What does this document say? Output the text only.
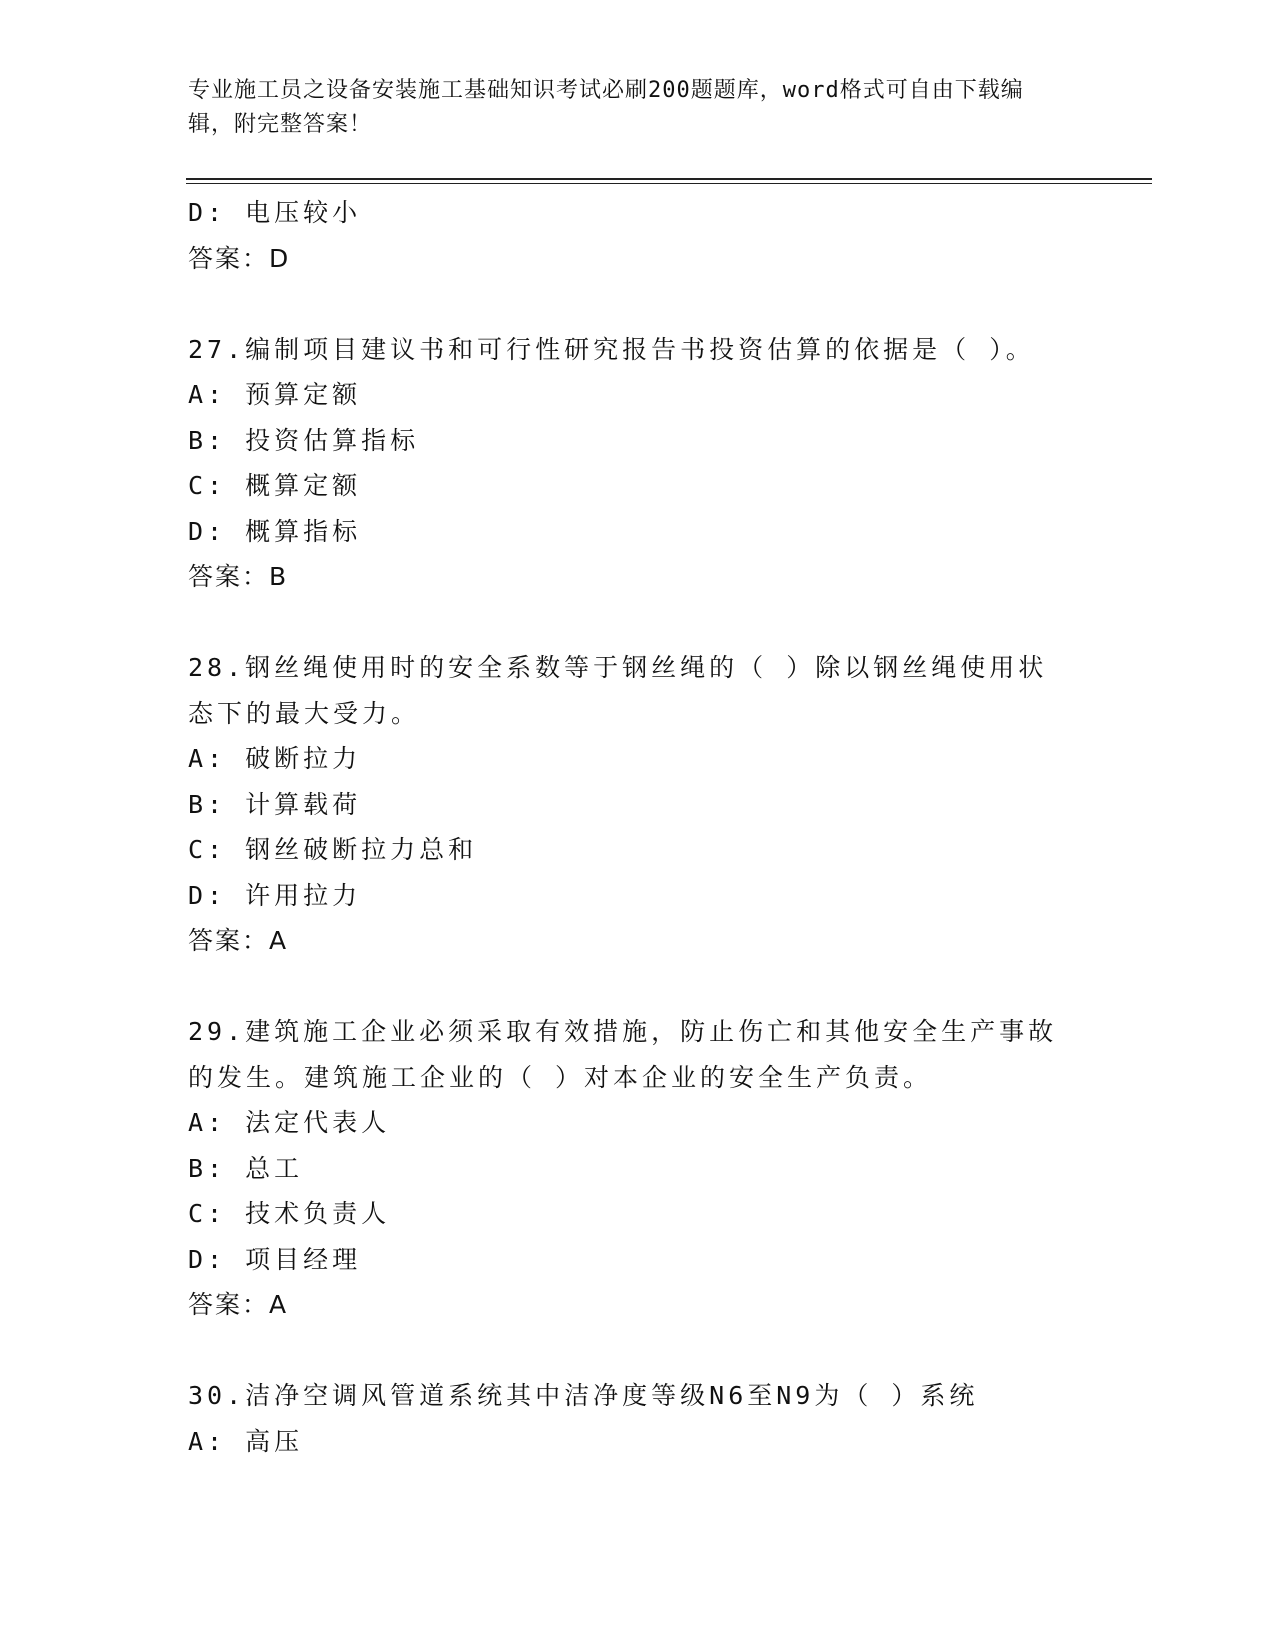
专业施工员之设备安装施工基础知识考试必刷200题题库，word格式可自由下载编辑，附完整答案！
D: 电压较小
答案：D
27.编制项目建议书和可行性研究报告书投资估算的依据是（ ）。
A: 预算定额
B: 投资估算指标
C: 概算定额
D: 概算指标
答案：B
28.钢丝绳使用时的安全系数等于钢丝绳的（ ）除以钢丝绳使用状态下的最大受力。
A: 破断拉力
B: 计算载荷
C: 钢丝破断拉力总和
D: 许用拉力
答案：A
29.建筑施工企业必须采取有效措施，防止伤亡和其他安全生产事故的发生。建筑施工企业的（ ）对本企业的安全生产负责。
A: 法定代表人
B: 总工
C: 技术负责人
D: 项目经理
答案：A
30.洁净空调风管道系统其中洁净度等级N6至N9为（ ）系统
A: 高压
